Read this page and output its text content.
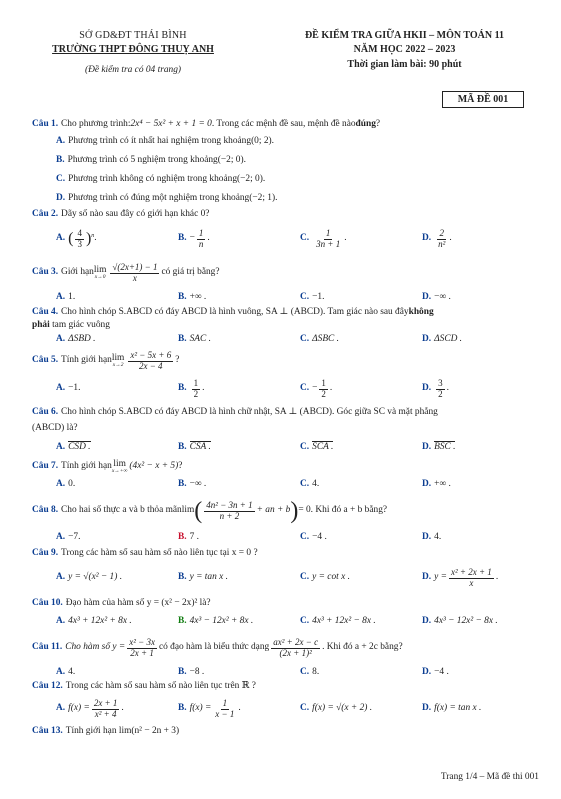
SỞ GD&ĐT THÁI BÌNH
TRƯỜNG THPT ĐÔNG THUỴ ANH
(Đề kiểm tra có 04 trang)
ĐỀ KIỂM TRA GIỮA HKII – MÔN TOÁN 11
NĂM HỌC 2022 – 2023
Thời gian làm bài: 90 phút
MÃ ĐỀ 001
Câu 1. Cho phương trình: 2x⁴ − 5x² + x + 1 = 0 . Trong các mệnh đề sau, mệnh đề nào đúng ?
A. Phương trình có ít nhất hai nghiệm trong khoảng (0; 2) .
B. Phương trình có 5 nghiệm trong khoảng (−2; 0) .
C. Phương trình không có nghiệm trong khoảng (−2; 0) .
D. Phương trình có đúng một nghiệm trong khoảng (−2; 1) .
Câu 2. Dãy số nào sau đây có giới hạn khác 0?
A. ( $\frac{4}{3} )^n$ .	B. − $\frac{1}{n}$ .	C. $\frac{1}{3n + 1}$ .	D. $\frac{2}{\text{n²}}$ .
Câu 3. Giới hạn lim
$x\to 0 \frac{√(2x+1) - 1}{x}$ có giá trị bằng?
A. 1.	B. +∞ .	C. −1.	D. −∞ .
Câu 4. Cho hình chóp S.ABCD có đáy ABCD là hình vuông, SA ⊥ (ABCD). Tam giác nào sau đây không
phải tam giác vuông
A. ΔSBD .	B. SAC .	C. ΔSBC .	D. ΔSCD .
Câu 5. Tính giới hạn lim
$x\to 2 \frac{\text{x² − 5x + 6}}{2x - 4}$ ?
A. −1.	B. $\frac{1}{2}$ .	C. − $\frac{1}{2}$ .	D. $\frac{3}{2}$ .
Câu 6. Cho hình chóp S.ABCD có đáy ABCD là hình chữ nhật, SA ⊥ (ABCD). Góc giữa SC và mặt phẳng
(ABCD) là?
A. CSD .	B. CSA .	C. SCA .	D. BSC .
Câu 7. Tính giới hạn lim
x→+∞ (4x² − x + 5) ?
A. 0.	B. −∞ .	C. 4.	D. +∞ .
Câu 8. Cho hai số thực a và b thỏa mãn lim ( $\frac{\text{4n² − 3n + 1}}{n + 2}$ + an + b ) = 0. Khi đó a + b bằng?
A. −7.	B. 7 .	C. −4 .	D. 4.
Câu 9. Trong các hàm số sau hàm số nào liên tục tại x = 0 ?
A. y = √(x² − 1) .	B. y = tan x .	C. y = cot x .	D. $y = \frac{\text{x² + 2x + 1}}{x}$ .
Câu 10. Đạo hàm của hàm số y = (x² − 2x)² là?
A. 4x³ + 12x² + 8x .	B. 4x³ − 12x² + 8x .	C. 4x³ + 12x² − 8x .	D. 4x³ − 12x² − 8x .
Câu 11. Cho hàm số $y = \frac{\text{x² − 3x}}{2x + 1}$ có đạo hàm là biểu thức dạng $\frac{\text{ax² + 2x − c}}{\text{(2x + 1)²}}$ . Khi đó a + 2c bằng?
A. 4.	B. −8 .	C. 8.	D. −4 .
Câu 12. Trong các hàm số sau hàm số nào liên tục trên ℝ ?
A. $f(x) = \frac{2x + 1}{\text{x² + 4}}$ .	B. $f(x) = \frac{1}{x - 1}$ .	C. f(x) = √(x + 2) .	D. f(x) = tan x .
Câu 13. Tính giới hạn lim(n² − 2n + 3)
Trang 1/4 – Mã đề thi 001
